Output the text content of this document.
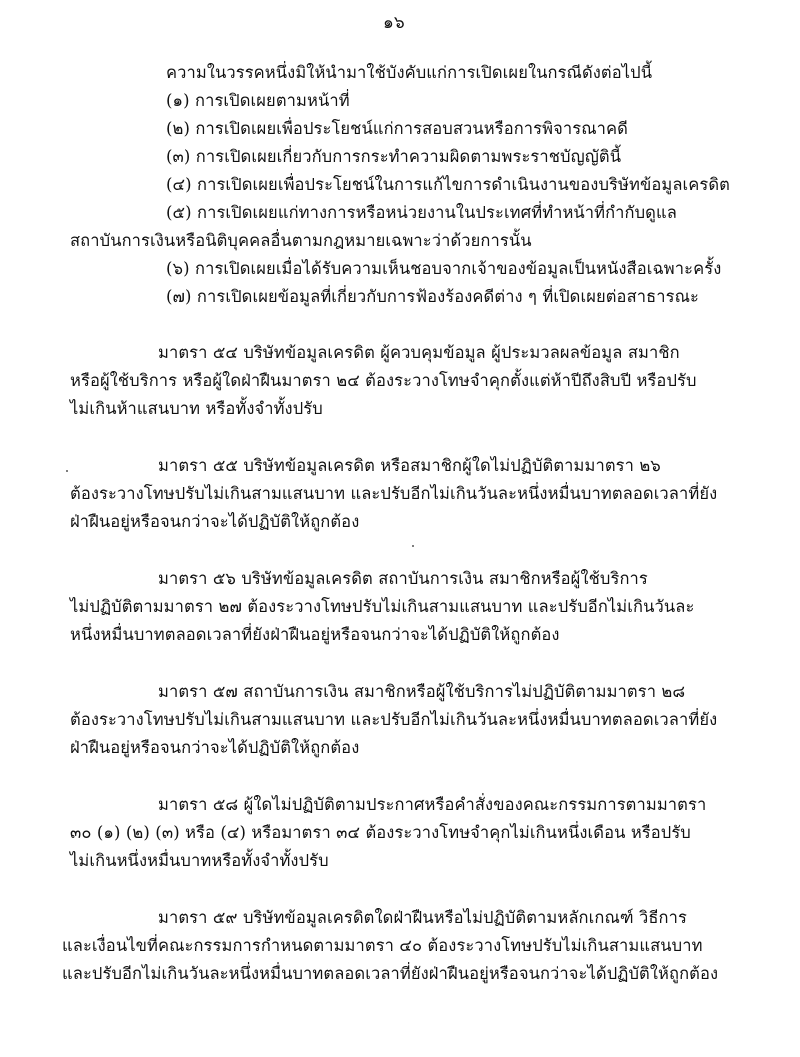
๑๖
ความในวรรคหนึ่งมิให้นำมาใช้บังคับแก่การเปิดเผยในกรณีดังต่อไปนี้
(๑) การเปิดเผยตามหน้าที่
(๒) การเปิดเผยเพื่อประโยชน์แก่การสอบสวนหรือการพิจารณาคดี
(๓) การเปิดเผยเกี่ยวกับการกระทำความผิดตามพระราชบัญญัตินี้
(๔) การเปิดเผยเพื่อประโยชน์ในการแก้ไขการดำเนินงานของบริษัทข้อมูลเครดิต
(๕) การเปิดเผยแก่ทางการหรือหน่วยงานในประเทศที่ทำหน้าที่กำกับดูแล
สถาบันการเงินหรือนิติบุคคลอื่นตามกฎหมายเฉพาะว่าด้วยการนั้น
(๖) การเปิดเผยเมื่อได้รับความเห็นชอบจากเจ้าของข้อมูลเป็นหนังสือเฉพาะครั้ง
(๗) การเปิดเผยข้อมูลที่เกี่ยวกับการฟ้องร้องคดีต่าง ๆ ที่เปิดเผยต่อสาธารณะ
มาตรา ๕๔ บริษัทข้อมูลเครดิต ผู้ควบคุมข้อมูล ผู้ประมวลผลข้อมูล สมาชิก
หรือผู้ใช้บริการ หรือผู้ใดฝ่าฝืนมาตรา ๒๔ ต้องระวางโทษจำคุกตั้งแต่ห้าปีถึงสิบปี หรือปรับ
ไม่เกินห้าแสนบาท หรือทั้งจำทั้งปรับ
มาตรา ๕๕ บริษัทข้อมูลเครดิต หรือสมาชิกผู้ใดไม่ปฏิบัติตามมาตรา ๒๖
ต้องระวางโทษปรับไม่เกินสามแสนบาท และปรับอีกไม่เกินวันละหนึ่งหมื่นบาทตลอดเวลาที่ยัง
ฝ่าฝืนอยู่หรือจนกว่าจะได้ปฏิบัติให้ถูกต้อง
มาตรา ๕๖ บริษัทข้อมูลเครดิต สถาบันการเงิน สมาชิกหรือผู้ใช้บริการ
ไม่ปฏิบัติตามมาตรา ๒๗ ต้องระวางโทษปรับไม่เกินสามแสนบาท และปรับอีกไม่เกินวันละ
หนึ่งหมื่นบาทตลอดเวลาที่ยังฝ่าฝืนอยู่หรือจนกว่าจะได้ปฏิบัติให้ถูกต้อง
มาตรา ๕๗ สถาบันการเงิน สมาชิกหรือผู้ใช้บริการไม่ปฏิบัติตามมาตรา ๒๘
ต้องระวางโทษปรับไม่เกินสามแสนบาท และปรับอีกไม่เกินวันละหนึ่งหมื่นบาทตลอดเวลาที่ยัง
ฝ่าฝืนอยู่หรือจนกว่าจะได้ปฏิบัติให้ถูกต้อง
มาตรา ๕๘ ผู้ใดไม่ปฏิบัติตามประกาศหรือคำสั่งของคณะกรรมการตามมาตรา
๓๐ (๑) (๒) (๓) หรือ (๔) หรือมาตรา ๓๔ ต้องระวางโทษจำคุกไม่เกินหนึ่งเดือน หรือปรับ
ไม่เกินหนึ่งหมื่นบาทหรือทั้งจำทั้งปรับ
มาตรา ๕๙ บริษัทข้อมูลเครดิตใดฝ่าฝืนหรือไม่ปฏิบัติตามหลักเกณฑ์ วิธีการ
และเงื่อนไขที่คณะกรรมการกำหนดตามมาตรา ๔๐ ต้องระวางโทษปรับไม่เกินสามแสนบาท
และปรับอีกไม่เกินวันละหนึ่งหมื่นบาทตลอดเวลาที่ยังฝ่าฝืนอยู่หรือจนกว่าจะได้ปฏิบัติให้ถูกต้อง
